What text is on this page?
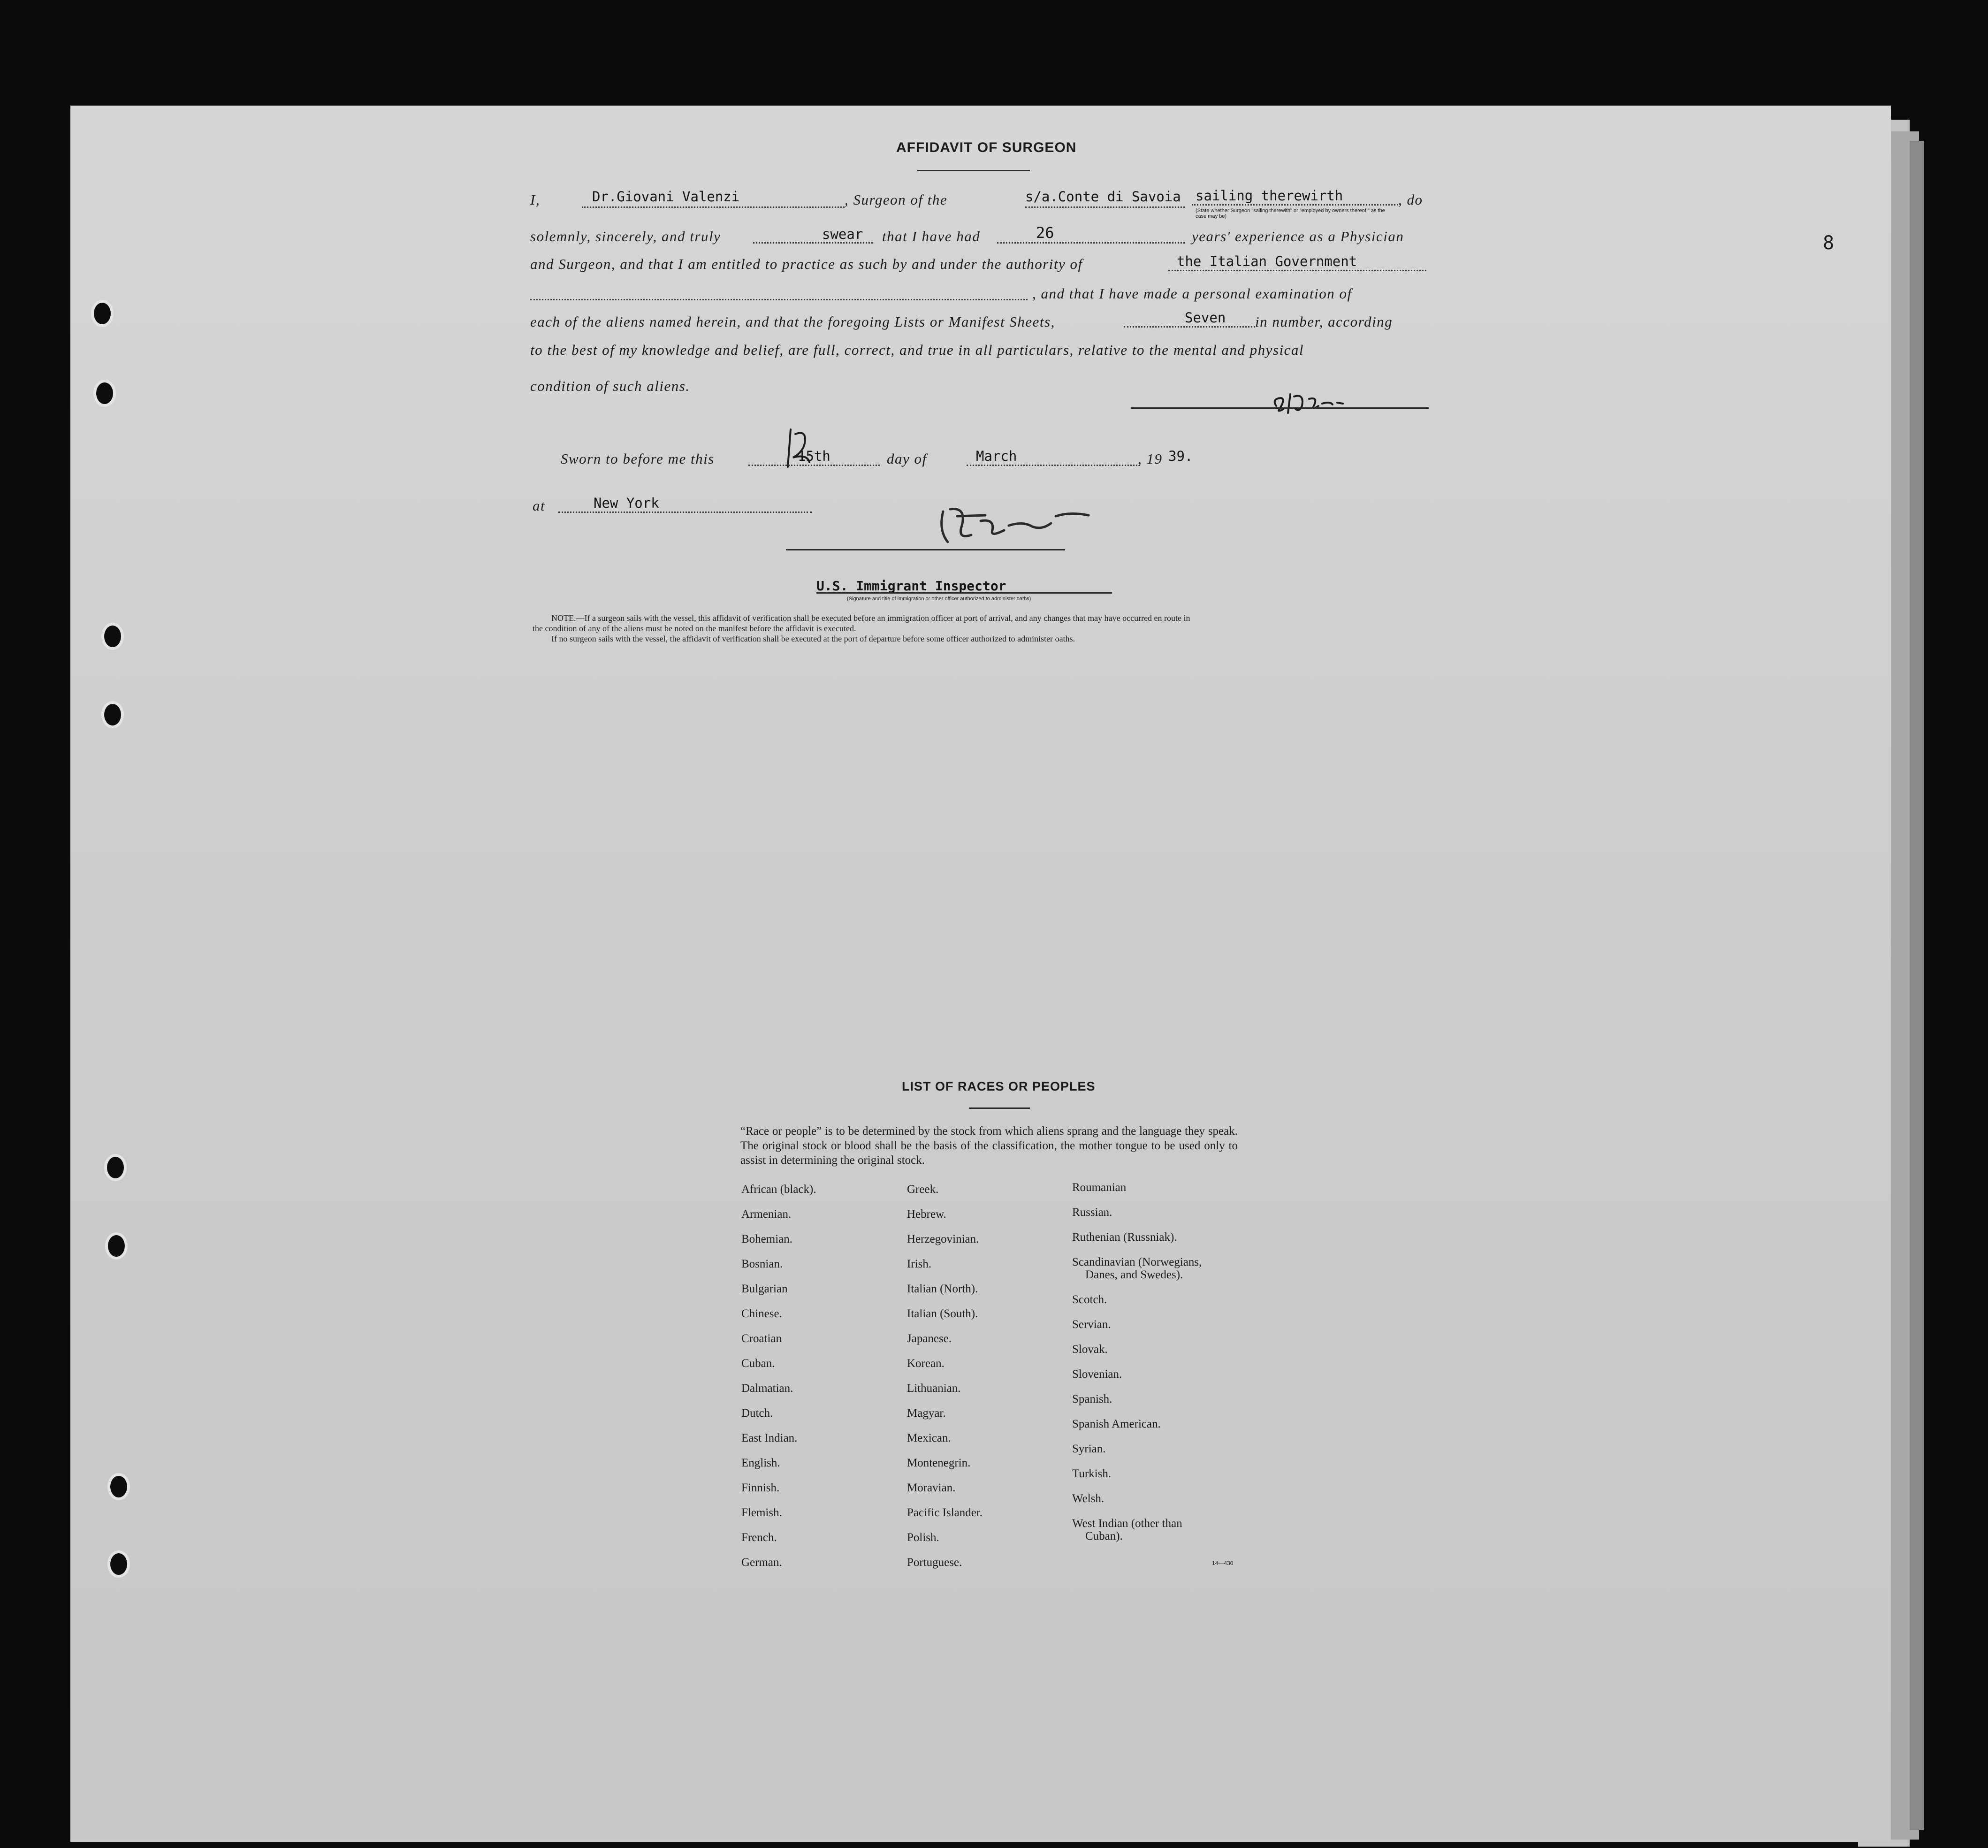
8
AFFIDAVIT OF SURGEON
I,	Dr.Giovani Valenzi	, Surgeon of the	s/a.Conte di Savoia sailing therewirth
(State whether Surgeon "sailing therewith" or "employed by owners thereof," as the case may be)
, do
solemnly, sincerely, and truly	swear that I have had	26	years' experience as a Physician
and Surgeon, and that I am entitled to practice as such by and under the authority of	the Italian Government
, and that I have made a personal examination of
each of the aliens named herein, and that the foregoing Lists or Manifest Sheets,	Seven in number, according
to the best of my knowledge and belief, are full, correct, and true in all particulars, relative to the mental and physical
condition of such aliens.
Sworn to before me this	15th	day of	March	, 19 39.
at	New York
U.S. Immigrant Inspector
(Signature and title of immigration or other officer authorized to administer oaths)
NOTE.—If a surgeon sails with the vessel, this affidavit of verification shall be executed before an immigration officer at port of arrival, and any changes that may have occurred en route in
the condition of any of the aliens must be noted on the manifest before the affidavit is executed.
If no surgeon sails with the vessel, the affidavit of verification shall be executed at the port of departure before some officer authorized to administer oaths.
LIST OF RACES OR PEOPLES
“Race or people” is to be determined by the stock from which aliens sprang and the language they speak. The original stock or blood shall be the basis of the classification, the mother tongue to be used only to assist in determining the original stock.
African (black).
Armenian.
Bohemian.
Bosnian.
Bulgarian
Chinese.
Croatian
Cuban.
Dalmatian.
Dutch.
East Indian.
English.
Finnish.
Flemish.
French.
German.
Greek.
Hebrew.
Herzegovinian.
Irish.
Italian (North).
Italian (South).
Japanese.
Korean.
Lithuanian.
Magyar.
Mexican.
Montenegrin.
Moravian.
Pacific Islander.
Polish.
Portuguese.
Roumanian
Russian.
Ruthenian (Russniak).
Scandinavian (Norwegians,
Danes, and Swedes).
Scotch.
Servian.
Slovak.
Slovenian.
Spanish.
Spanish American.
Syrian.
Turkish.
Welsh.
West Indian (other than
Cuban).
14—430
